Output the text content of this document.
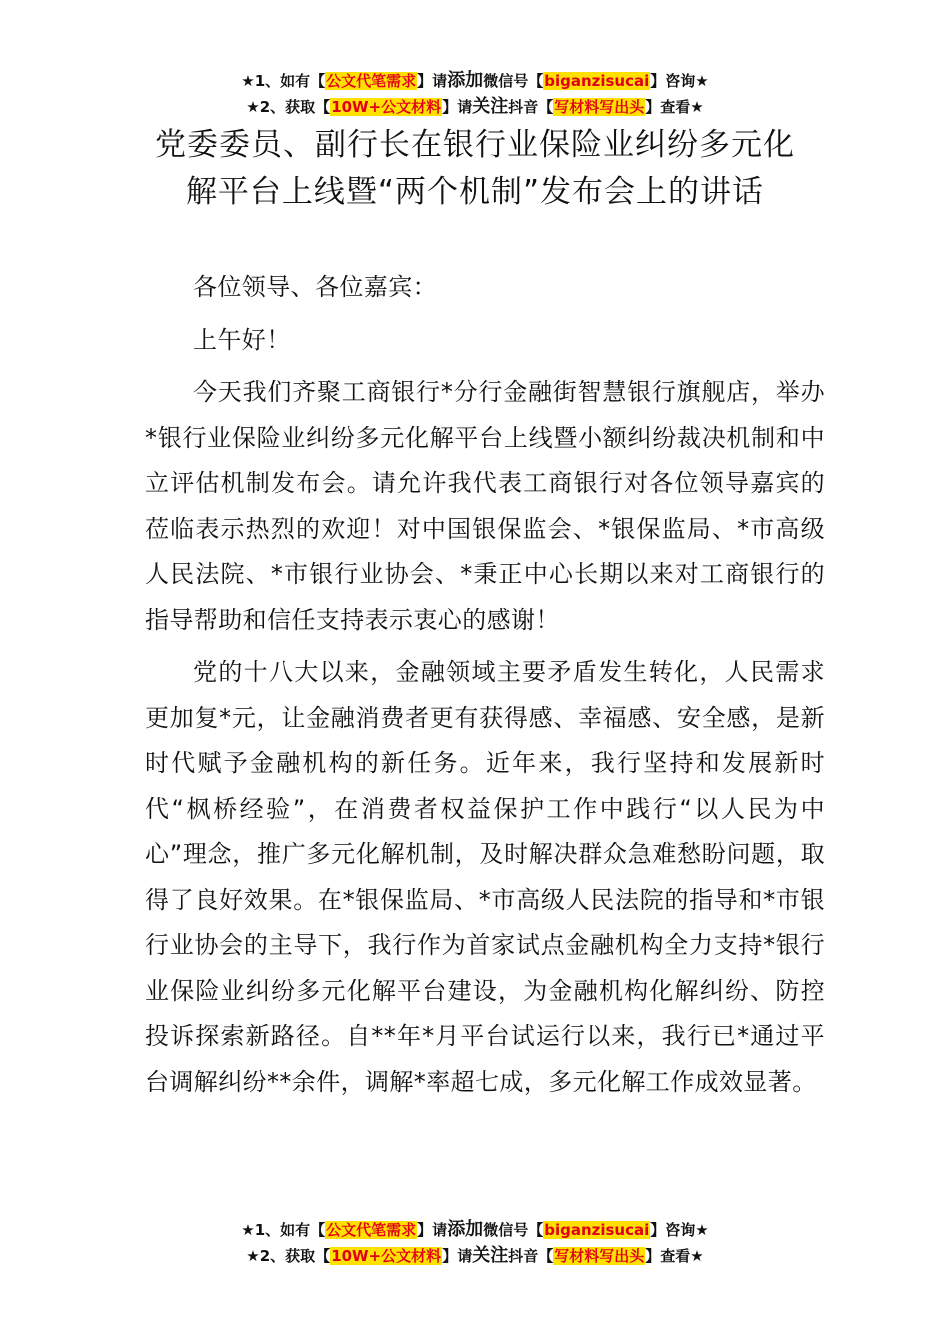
★1、如有【公文代笔需求】请添加微信号【biganzisucai】咨询★
★2、获取【10W+公文材料】请关注抖音【写材料写出头】查看★
党委委员、副行长在银行业保险业纠纷多元化解平台上线暨“两个机制”发布会上的讲话

各位领导、各位嘉宾：

上午好！

今天我们齐聚工商银行*分行金融街智慧银行旗舰店，举办*银行业保险业纠纷多元化解平台上线暨小额纠纷裁决机制和中立评估机制发布会。请允许我代表工商银行对各位领导嘉宾的莅临表示热烈的欢迎！对中国银保监会、*银保监局、*市高级人民法院、*市银行业协会、*秉正中心长期以来对工商银行的指导帮助和信任支持表示衷心的感谢！

党的十八大以来，金融领域主要矛盾发生转化，人民需求更加复*元，让金融消费者更有获得感、幸福感、安全感，是新时代赋予金融机构的新任务。近年来，我行坚持和发展新时代“枫桥经验”，在消费者权益保护工作中践行“以人民为中心”理念，推广多元化解机制，及时解决群众急难愁盼问题，取得了良好效果。在*银保监局、*市高级人民法院的指导和*市银行业协会的主导下，我行作为首家试点金融机构全力支持*银行业保险业纠纷多元化解平台建设，为金融机构化解纠纷、防控投诉探索新路径。自**年*月平台试运行以来，我行已*通过平台调解纠纷**余件，调解*率超七成，多元化解工作成效显著。

★1、如有【公文代笔需求】请添加微信号【biganzisucai】咨询★
★2、获取【10W+公文材料】请关注抖音【写材料写出头】查看★
